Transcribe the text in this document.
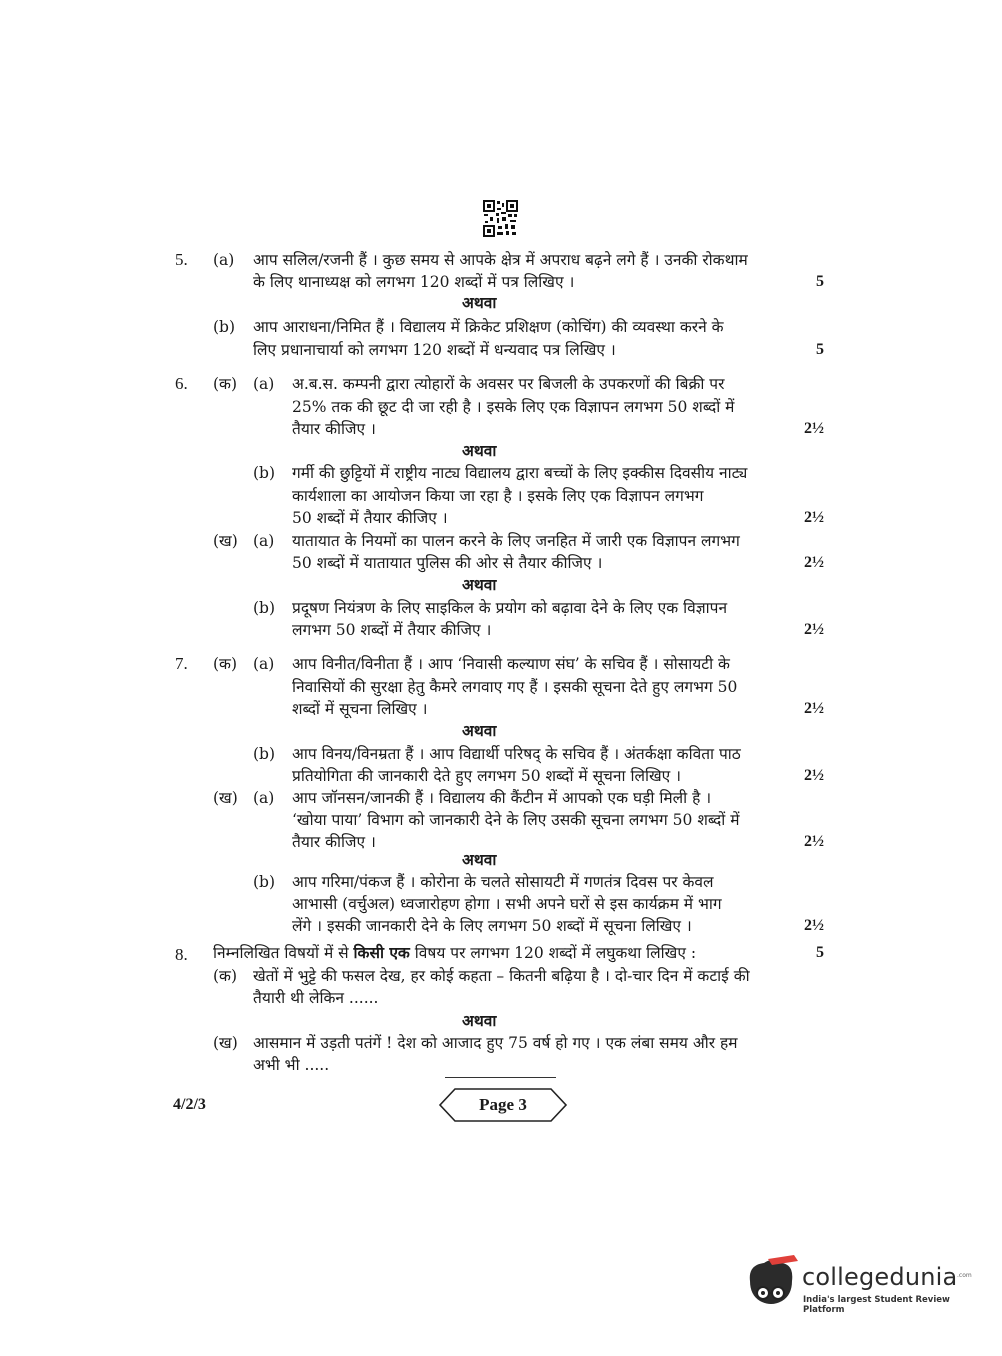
5. (a) आप सलिल/रजनी हैं । कुछ समय से आपके क्षेत्र में अपराध बढ़ने लगे हैं । उनकी रोकथाम
के लिए थानाध्यक्ष को लगभग 120 शब्दों में पत्र लिखिए ।	5
अथवा
(b) आप आराधना/निमित हैं । विद्यालय में क्रिकेट प्रशिक्षण (कोचिंग) की व्यवस्था करने के
लिए प्रधानाचार्या को लगभग 120 शब्दों में धन्यवाद पत्र लिखिए ।	5
6. (क) (a) अ.ब.स. कम्पनी द्वारा त्योहारों के अवसर पर बिजली के उपकरणों की बिक्री पर
25% तक की छूट दी जा रही है । इसके लिए एक विज्ञापन लगभग 50 शब्दों में
तैयार कीजिए ।	2½
अथवा
(b) गर्मी की छुट्टियों में राष्ट्रीय नाट्य विद्यालय द्वारा बच्चों के लिए इक्कीस दिवसीय नाट्य
कार्यशाला का आयोजन किया जा रहा है । इसके लिए एक विज्ञापन लगभग
50 शब्दों में तैयार कीजिए ।	2½
(ख) (a) यातायात के नियमों का पालन करने के लिए जनहित में जारी एक विज्ञापन लगभग
50 शब्दों में यातायात पुलिस की ओर से तैयार कीजिए ।	2½
अथवा
(b) प्रदूषण नियंत्रण के लिए साइकिल के प्रयोग को बढ़ावा देने के लिए एक विज्ञापन
लगभग 50 शब्दों में तैयार कीजिए ।	2½
7. (क) (a) आप विनीत/विनीता हैं । आप ‘निवासी कल्याण संघ’ के सचिव हैं । सोसायटी के
निवासियों की सुरक्षा हेतु कैमरे लगवाए गए हैं । इसकी सूचना देते हुए लगभग 50
शब्दों में सूचना लिखिए ।	2½
अथवा
(b) आप विनय/विनम्रता हैं । आप विद्यार्थी परिषद् के सचिव हैं । अंतर्कक्षा कविता पाठ
प्रतियोगिता की जानकारी देते हुए लगभग 50 शब्दों में सूचना लिखिए ।	2½
(ख) (a) आप जॉनसन/जानकी हैं । विद्यालय की कैंटीन में आपको एक घड़ी मिली है ।
‘खोया पाया’ विभाग को जानकारी देने के लिए उसकी सूचना लगभग 50 शब्दों में
तैयार कीजिए ।	2½
अथवा
(b) आप गरिमा/पंकज हैं । कोरोना के चलते सोसायटी में गणतंत्र दिवस पर केवल
आभासी (वर्चुअल) ध्वजारोहण होगा । सभी अपने घरों से इस कार्यक्रम में भाग
लेंगे । इसकी जानकारी देने के लिए लगभग 50 शब्दों में सूचना लिखिए ।	2½
8. निम्नलिखित विषयों में से किसी एक विषय पर लगभग 120 शब्दों में लघुकथा लिखिए :	5
(क) खेतों में भुट्टे की फसल देख, हर कोई कहता – कितनी बढ़िया है । दो-चार दिन में कटाई की
तैयारी थी लेकिन ......
अथवा
(ख) आसमान में उड़ती पतंगें ! देश को आजाद हुए 75 वर्ष हो गए । एक लंबा समय और हम
अभी भी .....
4/2/3	Page 3
collegedunia .com
India's largest Student Review Platform
